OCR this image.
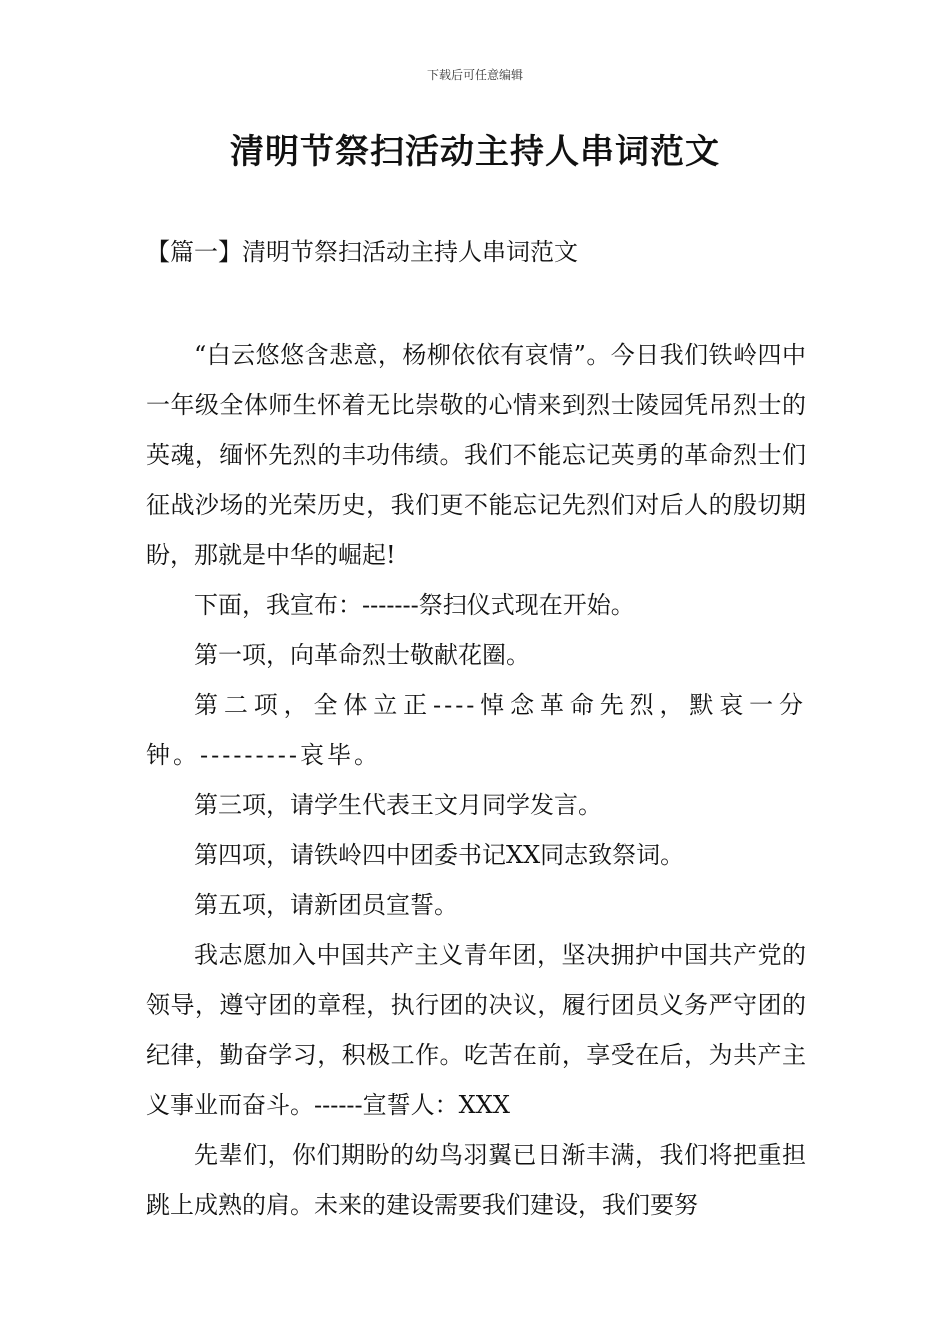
下载后可任意编辑
清明节祭扫活动主持人串词范文
【篇一】清明节祭扫活动主持人串词范文

“白云悠悠含悲意，杨柳依依有哀情”。今日我们铁岭四中一年级全体师生怀着无比崇敬的心情来到烈士陵园凭吊烈士的英魂，缅怀先烈的丰功伟绩。我们不能忘记英勇的革命烈士们征战沙场的光荣历史，我们更不能忘记先烈们对后人的殷切期盼，那就是中华的崛起!

下面，我宣布：-------祭扫仪式现在开始。

第一项，向革命烈士敬献花圈。

第二项，全体立正----悼念革命先烈，默哀一分钟。---------哀毕。

第三项，请学生代表王文月同学发言。

第四项，请铁岭四中团委书记XX同志致祭词。

第五项，请新团员宣誓。

我志愿加入中国共产主义青年团，坚决拥护中国共产党的领导，遵守团的章程，执行团的决议，履行团员义务严守团的纪律，勤奋学习，积极工作。吃苦在前，享受在后，为共产主义事业而奋斗。------宣誓人：XXX

先辈们，你们期盼的幼鸟羽翼已日渐丰满，我们将把重担跳上成熟的肩。未来的建设需要我们建设，我们要努
